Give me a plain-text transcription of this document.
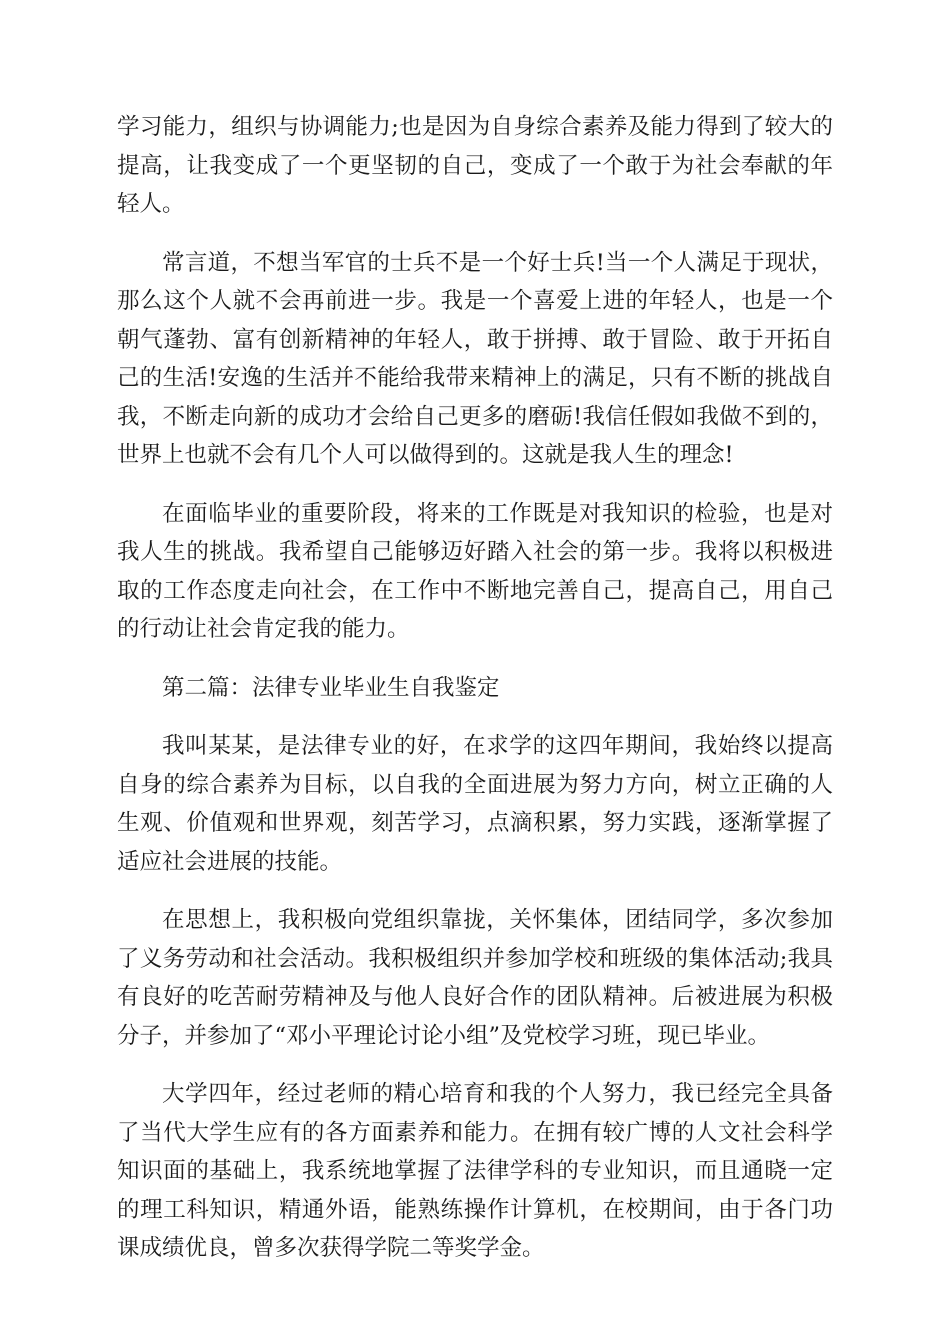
学习能力，组织与协调能力;也是因为自身综合素养及能力得到了较大的提高，让我变成了一个更坚韧的自己，变成了一个敢于为社会奉献的年轻人。

常言道，不想当军官的士兵不是一个好士兵!当一个人满足于现状，那么这个人就不会再前进一步。我是一个喜爱上进的年轻人，也是一个朝气蓬勃、富有创新精神的年轻人，敢于拼搏、敢于冒险、敢于开拓自己的生活!安逸的生活并不能给我带来精神上的满足，只有不断的挑战自我，不断走向新的成功才会给自己更多的磨砺!我信任假如我做不到的，世界上也就不会有几个人可以做得到的。这就是我人生的理念!

在面临毕业的重要阶段，将来的工作既是对我知识的检验，也是对我人生的挑战。我希望自己能够迈好踏入社会的第一步。我将以积极进取的工作态度走向社会，在工作中不断地完善自己，提高自己，用自己的行动让社会肯定我的能力。

第二篇：法律专业毕业生自我鉴定

我叫某某，是法律专业的好，在求学的这四年期间，我始终以提高自身的综合素养为目标，以自我的全面进展为努力方向，树立正确的人生观、价值观和世界观，刻苦学习，点滴积累，努力实践，逐渐掌握了适应社会进展的技能。

在思想上，我积极向党组织靠拢，关怀集体，团结同学，多次参加了义务劳动和社会活动。我积极组织并参加学校和班级的集体活动;我具有良好的吃苦耐劳精神及与他人良好合作的团队精神。后被进展为积极分子，并参加了“邓小平理论讨论小组”及党校学习班，现已毕业。

大学四年，经过老师的精心培育和我的个人努力，我已经完全具备了当代大学生应有的各方面素养和能力。在拥有较广博的人文社会科学知识面的基础上，我系统地掌握了法律学科的专业知识，而且通晓一定的理工科知识，精通外语，能熟练操作计算机，在校期间，由于各门功课成绩优良，曾多次获得学院二等奖学金。
